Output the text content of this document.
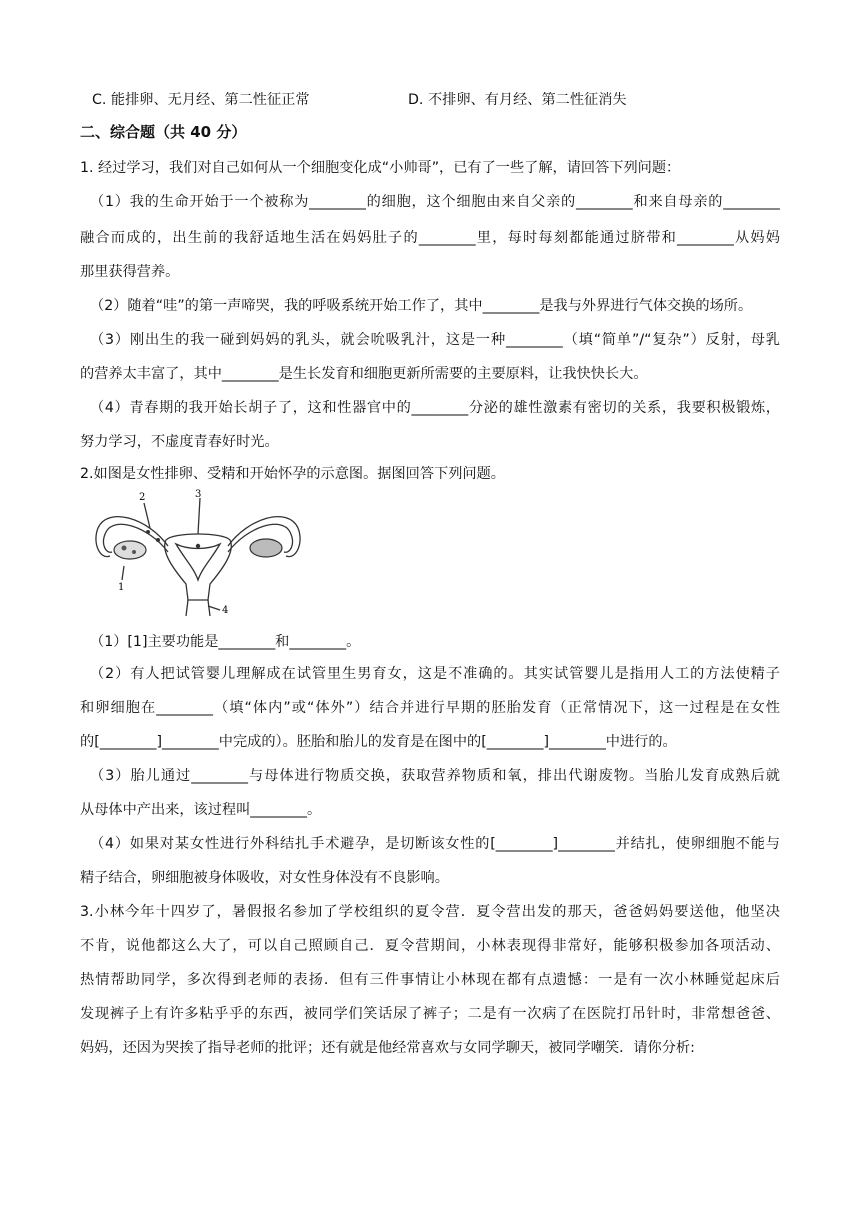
C. 能排卵、无月经、第二性征正常	D. 不排卵、有月经、第二性征消失
二、综合题（共 40 分）
1. 经过学习，我们对自己如何从一个细胞变化成“小帅哥”，已有了一些了解，请回答下列问题：
（1）我的生命开始于一个被称为________的细胞，这个细胞由来自父亲的________和来自母亲的________
融合而成的，出生前的我舒适地生活在妈妈肚子的________里，每时每刻都能通过脐带和________从妈妈
那里获得营养。
（2）随着“哇”的第一声啼哭，我的呼吸系统开始工作了，其中________是我与外界进行气体交换的场所。
（3）刚出生的我一碰到妈妈的乳头，就会吮吸乳汁，这是一种________（填“简单”/“复杂”）反射，母乳
的营养太丰富了，其中________是生长发育和细胞更新所需要的主要原料，让我快快长大。
（4）青春期的我开始长胡子了，这和性器官中的________分泌的雄性激素有密切的关系，我要积极锻炼，
努力学习，不虚度青春好时光。
2.如图是女性排卵、受精和开始怀孕的示意图。据图回答下列问题。
2	3
1
4
（1）[1]主要功能是________和________。
（2）有人把试管婴儿理解成在试管里生男育女，这是不准确的。其实试管婴儿是指用人工的方法使精子
和卵细胞在________（填“体内”或“体外”）结合并进行早期的胚胎发育（正常情况下，这一过程是在女性
的[________]________中完成的）。胚胎和胎儿的发育是在图中的[________]________中进行的。
（3）胎儿通过________与母体进行物质交换，获取营养物质和氧，排出代谢废物。当胎儿发育成熟后就
从母体中产出来，该过程叫________。
（4）如果对某女性进行外科结扎手术避孕，是切断该女性的[________]________并结扎，使卵细胞不能与
精子结合，卵细胞被身体吸收，对女性身体没有不良影响。
3.小林今年十四岁了，暑假报名参加了学校组织的夏令营．夏令营出发的那天，爸爸妈妈要送他，他坚决
不肯，说他都这么大了，可以自己照顾自己．夏令营期间，小林表现得非常好，能够积极参加各项活动、
热情帮助同学，多次得到老师的表扬．但有三件事情让小林现在都有点遗憾：一是有一次小林睡觉起床后
发现裤子上有许多粘乎乎的东西，被同学们笑话尿了裤子；二是有一次病了在医院打吊针时，非常想爸爸、
妈妈，还因为哭挨了指导老师的批评；还有就是他经常喜欢与女同学聊天，被同学嘲笑．请你分析:
